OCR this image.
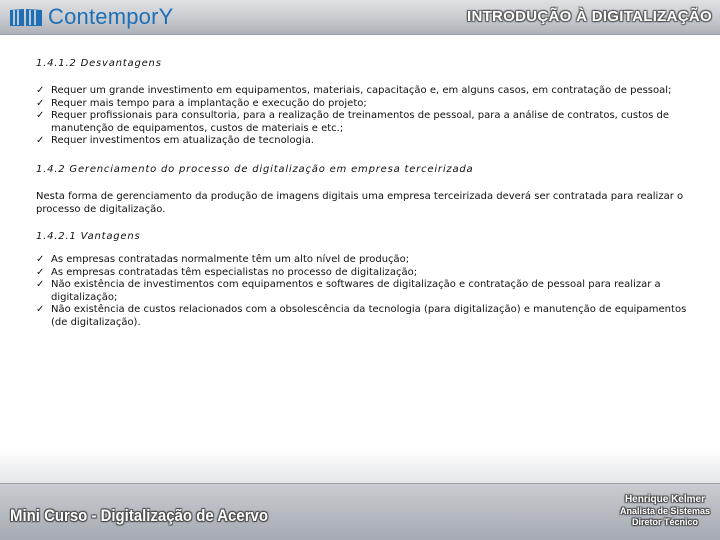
ContemporY	INTRODUÇÃO À DIGITALIZAÇÃO

1.4.1.2 Desvantagens

✓ Requer um grande investimento em equipamentos, materiais, capacitação e, em alguns casos, em contratação de pessoal;
✓ Requer mais tempo para a implantação e execução do projeto;
✓ Requer profissionais para consultoria, para a realização de treinamentos de pessoal, para a análise de contratos, custos de manutenção de equipamentos, custos de materiais e etc.;
✓ Requer investimentos em atualização de tecnologia.

1.4.2 Gerenciamento do processo de digitalização em empresa terceirizada

Nesta forma de gerenciamento da produção de imagens digitais uma empresa terceirizada deverá ser contratada para realizar o processo de digitalização.

1.4.2.1 Vantagens

✓ As empresas contratadas normalmente têm um alto nível de produção;
✓ As empresas contratadas têm especialistas no processo de digitalização;
✓ Não existência de investimentos com equipamentos e softwares de digitalização e contratação de pessoal para realizar a digitalização;
✓ Não existência de custos relacionados com a obsolescência da tecnologia (para digitalização) e manutenção de equipamentos (de digitalização).
Mini Curso - Digitalização de Acervo
Henrique Kelmer
Analista de Sistemas
Diretor Técnico
